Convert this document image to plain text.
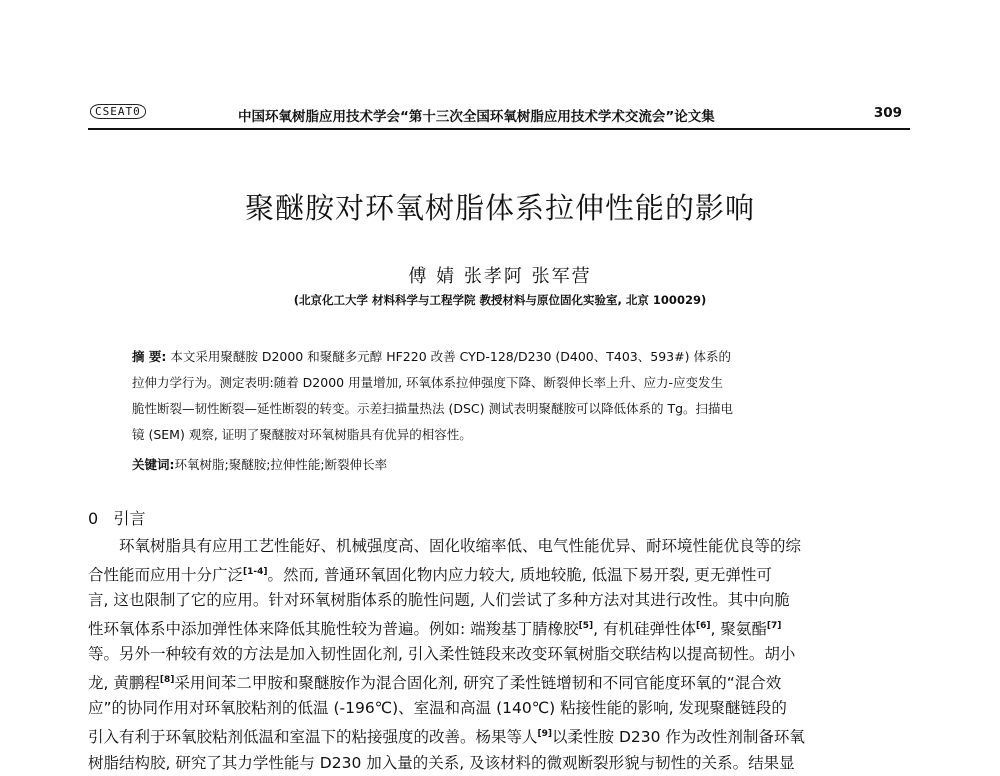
CSEAT0	中国环氧树脂应用技术学会“第十三次全国环氧树脂应用技术学术交流会”论文集	309
聚醚胺对环氧树脂体系拉伸性能的影响
傅 婧 张孝阿 张军营
(北京化工大学 材料科学与工程学院 教授材料与原位固化实验室, 北京 100029)
摘 要: 本文采用聚醚胺 D2000 和聚醚多元醇 HF220 改善 CYD-128/D230 (D400、T403、593#) 体系的
拉伸力学行为。测定表明:随着 D2000 用量增加, 环氧体系拉伸强度下降、断裂伸长率上升、应力-应变发生
脆性断裂—韧性断裂—延性断裂的转变。示差扫描量热法 (DSC) 测试表明聚醚胺可以降低体系的 Tg。扫描电
镜 (SEM) 观察, 证明了聚醚胺对环氧树脂具有优异的相容性。
关键词:环氧树脂;聚醚胺;拉伸性能;断裂伸长率
0 引言
环氧树脂具有应用工艺性能好、机械强度高、固化收缩率低、电气性能优异、耐环境性能优良等的综
合性能而应用十分广泛[1-4]。然而, 普通环氧固化物内应力较大, 质地较脆, 低温下易开裂, 更无弹性可
言, 这也限制了它的应用。针对环氧树脂体系的脆性问题, 人们尝试了多种方法对其进行改性。其中向脆
性环氧体系中添加弹性体来降低其脆性较为普遍。例如: 端羧基丁腈橡胶[5], 有机硅弹性体[6], 聚氨酯[7]
等。另外一种较有效的方法是加入韧性固化剂, 引入柔性链段来改变环氧树脂交联结构以提高韧性。胡小
龙, 黄鹏程[8]采用间苯二甲胺和聚醚胺作为混合固化剂, 研究了柔性链增韧和不同官能度环氧的“混合效
应”的协同作用对环氧胶粘剂的低温 (-196℃)、室温和高温 (140℃) 粘接性能的影响, 发现聚醚链段的
引入有利于环氧胶粘剂低温和室温下的粘接强度的改善。杨果等人[9]以柔性胺 D230 作为改性剂制备环氧
树脂结构胶, 研究了其力学性能与 D230 加入量的关系, 及该材料的微观断裂形貌与韧性的关系。结果显
